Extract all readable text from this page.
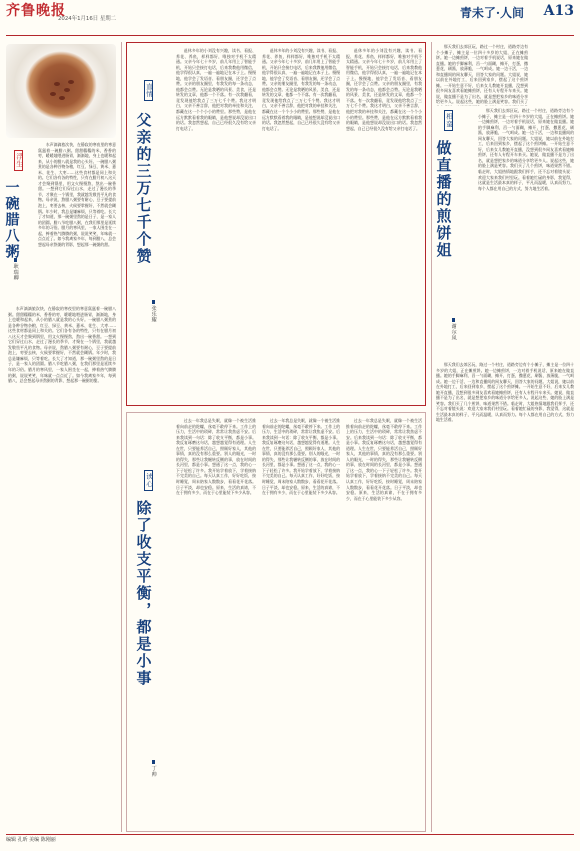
齐鲁晚报
2024年1月16日 星期二	青未了·人间 A13
浮生
一碗腊八粥
耿瑞卿

水声滴滴旅次快，在静寂的寒夜里的寒意氤氲着一碗腊八粥。甜甜糯糯的米，香香的枣，暖暖地喂进肠胃，渐渐地，身上也暖和起来，从小的腊八就是我的心头好。一碗腊八粥煮的是各种谷物杂粮，红豆、绿豆、黄米、薏米、花生、大枣……这些食材都是同上和关的。它们各有各的特性，只有在腊月初八这天才会聚到锅里，用文火慢慢熬，熬出一碗香甜。一想到它们穿过山水，走过了漫长的季节，才聚在一个锅里，我就越发敬畏平凡的食物。母亲说，熬腊八粥要有耐心，豆子要提前泡上，枣要去核，火候要掌握好，不然就会糊锅。年少时，我总是嫌麻烦，只等着吃。长大了才知道，那一碗粥里熬的是日子，是一家人的团圆。腊八节吃腊八粥，在我们那里是延续多年的习俗。腊月的寒风里，一家人围坐在一起，捧着热气腾腾的粥，说说笑笑，年味就一点点近了。如今我离家多年，每到腊八，总会想起母亲熬粥的背影，想起那一碗粥的甜。

水声滴滴旅次快，在静寂的寒夜里的寒意氤氲着一碗腊八粥。甜甜糯糯的米，香香的枣，暖暖地喂进肠胃，渐渐地，身上也暖和起来，从小的腊八就是我的心头好。一碗腊八粥煮的是各种谷物杂粮，红豆、绿豆、黄米、薏米、花生、大枣……这些食材都是同上和关的。它们各有各的特性，只有在腊月初八这天才会聚到锅里，用文火慢慢熬，熬出一碗香甜。一想到它们穿过山水，走过了漫长的季节，才聚在一个锅里，我就越发敬畏平凡的食物。母亲说，熬腊八粥要有耐心，豆子要提前泡上，枣要去核，火候要掌握好，不然就会糊锅。年少时，我总是嫌麻烦，只等着吃。长大了才知道，那一碗粥里熬的是日子，是一家人的团圆。腊八节吃腊八粥，在我们那里是延续多年的习俗。腊月的寒风里，一家人围坐在一起，捧着热气腾腾的粥，说说笑笑，年味就一点点近了。如今我离家多年，每到腊八，总会想起母亲熬粥的背影，想起那一碗粥的甜。

直情
父亲的三万七千个赞
张乐耀

退休多年的小刘没有兴趣，读书、看报、养花、养鱼，样样都好，唯独对手机不太精通。父亲今年七十多岁，前几年用上了智能手机，开始只会接打电话，后来我教他用微信，他学得很认真，一遍一遍地记在本子上。慢慢地，他学会了发语音、看朋友圈，还学会了点赞。父亲的朋友圈里，有我发的每一条动态，他都会点赞。无论是我晒的风景、美食，还是转发的文章，他都一个不落。有一次我翻看，竟发现他给我点了三万七千个赞。我这才明白，父亲不善言辞，他把对我的牵挂和关注，都藏在这一个个小小的赞里。那些赞，是他在远方默默看着我的眼睛，是他想说却没说出口的话。我忽然想起，自己已经很久没有给父亲打电话了。

退休多年的小刘没有兴趣，读书、看报、养花、养鱼，样样都好，唯独对手机不太精通。父亲今年七十多岁，前几年用上了智能手机，开始只会接打电话，后来我教他用微信，他学得很认真，一遍一遍地记在本子上。慢慢地，他学会了发语音、看朋友圈，还学会了点赞。父亲的朋友圈里，有我发的每一条动态，他都会点赞。无论是我晒的风景、美食，还是转发的文章，他都一个不落。有一次我翻看，竟发现他给我点了三万七千个赞。我这才明白，父亲不善言辞，他把对我的牵挂和关注，都藏在这一个个小小的赞里。那些赞，是他在远方默默看着我的眼睛，是他想说却没说出口的话。我忽然想起，自己已经很久没有给父亲打电话了。

退休多年的小刘没有兴趣，读书、看报、养花、养鱼，样样都好，唯独对手机不太精通。父亲今年七十多岁，前几年用上了智能手机，开始只会接打电话，后来我教他用微信，他学得很认真，一遍一遍地记在本子上。慢慢地，他学会了发语音、看朋友圈，还学会了点赞。父亲的朋友圈里，有我发的每一条动态，他都会点赞。无论是我晒的风景、美食，还是转发的文章，他都一个不落。有一次我翻看，竟发现他给我点了三万七千个赞。我这才明白，父亲不善言辞，他把对我的牵挂和关注，都藏在这一个个小小的赞里。那些赞，是他在远方默默看着我的眼睛，是他想说却没说出口的话。我忽然想起，自己已经很久没有给父亲打电话了。

读心
除了收支平衡，都是小事
丁帅

过去一年我总是失眠，就像一个被生活推着向前走的陀螺，丝毫不敢停下来。工作上的压力，生活中的琐碎，常常让我焦虑不安。后来我读到一句话：除了收支平衡，都是小事。我反复琢磨这句话，越想越觉得有道理。人生在世，只要能养活自己，照顾好家人，其他的事情，真的没有那么重要。别人的眼光，一时的得失，那些让我辗转反侧的事，放在时间的长河里，都是小事。想通了这一点，我的心一下子轻松了许多。我开始学着放下，学着接纳不完美的自己。每天认真工作，好好吃饭，按时睡觉，周末陪家人散散步，看看花开花落。日子平淡，却也安稳。原来，生活的真谛，不在于拥有多少，而在于心里能装下多少从容。

过去一年我总是失眠，就像一个被生活推着向前走的陀螺，丝毫不敢停下来。工作上的压力，生活中的琐碎，常常让我焦虑不安。后来我读到一句话：除了收支平衡，都是小事。我反复琢磨这句话，越想越觉得有道理。人生在世，只要能养活自己，照顾好家人，其他的事情，真的没有那么重要。别人的眼光，一时的得失，那些让我辗转反侧的事，放在时间的长河里，都是小事。想通了这一点，我的心一下子轻松了许多。我开始学着放下，学着接纳不完美的自己。每天认真工作，好好吃饭，按时睡觉，周末陪家人散散步，看看花开花落。日子平淡，却也安稳。原来，生活的真谛，不在于拥有多少，而在于心里能装下多少从容。

过去一年我总是失眠，就像一个被生活推着向前走的陀螺，丝毫不敢停下来。工作上的压力，生活中的琐碎，常常让我焦虑不安。后来我读到一句话：除了收支平衡，都是小事。我反复琢磨这句话，越想越觉得有道理。人生在世，只要能养活自己，照顾好家人，其他的事情，真的没有那么重要。别人的眼光，一时的得失，那些让我辗转反侧的事，放在时间的长河里，都是小事。想通了这一点，我的心一下子轻松了许多。我开始学着放下，学着接纳不完美的自己。每天认真工作，好好吃饭，按时睡觉，周末陪家人散散步，看看花开花落。日子平淡，却也安稳。原来，生活的真谛，不在于拥有多少，而在于心里能装下多少从容。

那天我们去郊区玩，路过一个村庄，道路旁边有个小摊子，摊主是一位四十多岁的大姐，正在摊煎饼。她一边摊煎饼，一边对着手机说话，原来她在做直播。她的手脚麻利，舀一勺面糊，摊开，打蛋，撒葱花，刷酱，放薄脆，一气呵成。她一边干活，一边和直播间的网友聊天，回答大家的问题。大姐说，她以前在外地打工，后来回到家乡，摆起了这个煎饼摊。一开始生意不好，后来女儿教她开直播，没想到很多网友喜欢看她摊煎饼，还有人专程开车来买。她说，做直播不是为了出名，就是想把家乡的味道分享给更多人。说起这些，她的脸上满是笑容。我们买了

相蛮
做直播的煎饼姐
谢尔凤

那天我们去郊区玩，路过一个村庄，道路旁边有个小摊子，摊主是一位四十多岁的大姐，正在摊煎饼。她一边摊煎饼，一边对着手机说话，原来她在做直播。她的手脚麻利，舀一勺面糊，摊开，打蛋，撒葱花，刷酱，放薄脆，一气呵成。她一边干活，一边和直播间的网友聊天，回答大家的问题。大姐说，她以前在外地打工，后来回到家乡，摆起了这个煎饼摊。一开始生意不好，后来女儿教她开直播，没想到很多网友喜欢看她摊煎饼，还有人专程开车来买。她说，做直播不是为了出名，就是想把家乡的味道分享给更多人。说起这些，她的脸上满是笑容。我们买了几个煎饼，味道果然不错。临走时，大姐热情地跟我们挥手，还不忘对着镜头说：欢迎大家来我们村里玩。看着她忙碌的身影，我觉得，这就是生活最本真的样子，平凡而温暖，认真而努力。每个人都在用自己的方式，努力地生活着。

那天我们去郊区玩，路过一个村庄，道路旁边有个小摊子，摊主是一位四十多岁的大姐，正在摊煎饼。她一边摊煎饼，一边对着手机说话，原来她在做直播。她的手脚麻利，舀一勺面糊，摊开，打蛋，撒葱花，刷酱，放薄脆，一气呵成。她一边干活，一边和直播间的网友聊天，回答大家的问题。大姐说，她以前在外地打工，后来回到家乡，摆起了这个煎饼摊。一开始生意不好，后来女儿教她开直播，没想到很多网友喜欢看她摊煎饼，还有人专程开车来买。她说，做直播不是为了出名，就是想把家乡的味道分享给更多人。说起这些，她的脸上满是笑容。我们买了几个煎饼，味道果然不错。临走时，大姐热情地跟我们挥手，还不忘对着镜头说：欢迎大家来我们村里玩。看着她忙碌的身影，我觉得，这就是生活最本真的样子，平凡而温暖，认真而努力。每个人都在用自己的方式，努力地生活着。

编辑 孔昕 美编 陈刚丽
